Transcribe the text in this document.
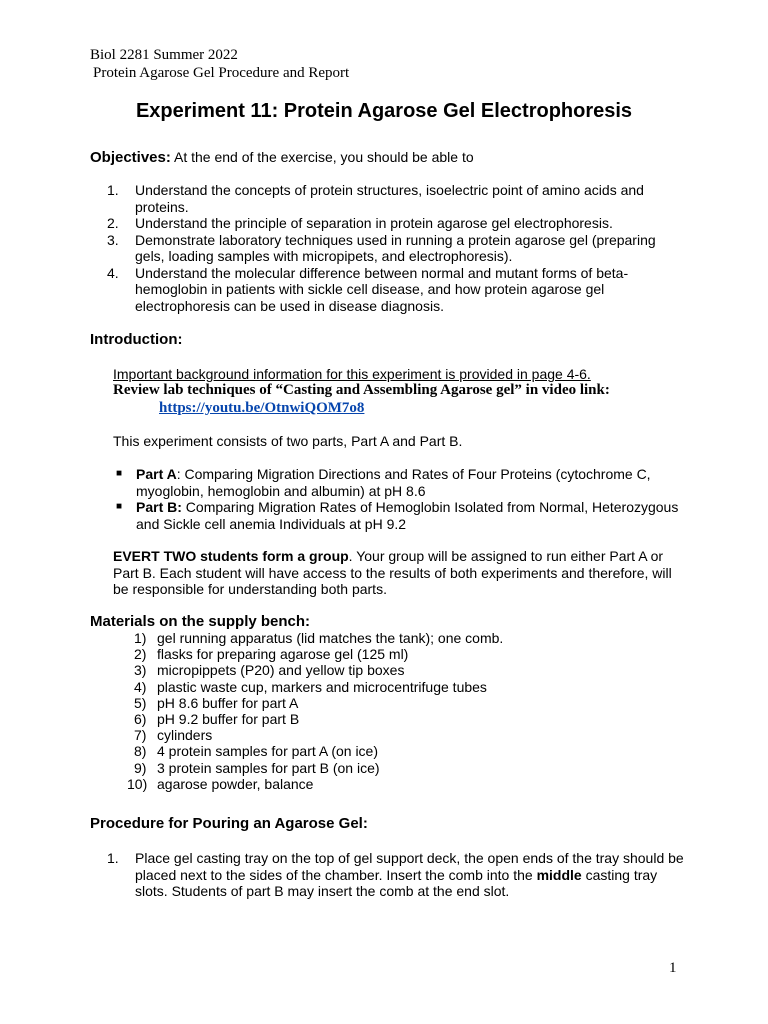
Biol 2281 Summer 2022
Protein Agarose Gel Procedure and Report
Experiment 11: Protein Agarose Gel Electrophoresis
Objectives: At the end of the exercise, you should be able to
1.	Understand the concepts of protein structures, isoelectric point of amino acids and proteins.
2.	Understand the principle of separation in protein agarose gel electrophoresis.
3.	Demonstrate laboratory techniques used in running a protein agarose gel (preparing gels, loading samples with micropipets, and electrophoresis).
4.	Understand the molecular difference between normal and mutant forms of beta-hemoglobin in patients with sickle cell disease, and how protein agarose gel electrophoresis can be used in disease diagnosis.
Introduction:
Important background information for this experiment is provided in page 4-6.
Review lab techniques of “Casting and Assembling Agarose gel” in video link:
https://youtu.be/OtnwiQOM7o8
This experiment consists of two parts, Part A and Part B.
■ Part A: Comparing Migration Directions and Rates of Four Proteins (cytochrome C, myoglobin, hemoglobin and albumin) at pH 8.6
■ Part B: Comparing Migration Rates of Hemoglobin Isolated from Normal, Heterozygous and Sickle cell anemia Individuals at pH 9.2
EVERT TWO students form a group. Your group will be assigned to run either Part A or Part B. Each student will have access to the results of both experiments and therefore, will be responsible for understanding both parts.
Materials on the supply bench:
1) gel running apparatus (lid matches the tank); one comb.
2) flasks for preparing agarose gel (125 ml)
3) micropippets (P20) and yellow tip boxes
4) plastic waste cup, markers and microcentrifuge tubes
5) pH 8.6 buffer for part A
6) pH 9.2 buffer for part B
7) cylinders
8) 4 protein samples for part A (on ice)
9) 3 protein samples for part B (on ice)
10) agarose powder, balance
Procedure for Pouring an Agarose Gel:
1.	Place gel casting tray on the top of gel support deck, the open ends of the tray should be placed next to the sides of the chamber. Insert the comb into the middle casting tray slots. Students of part B may insert the comb at the end slot.
1
